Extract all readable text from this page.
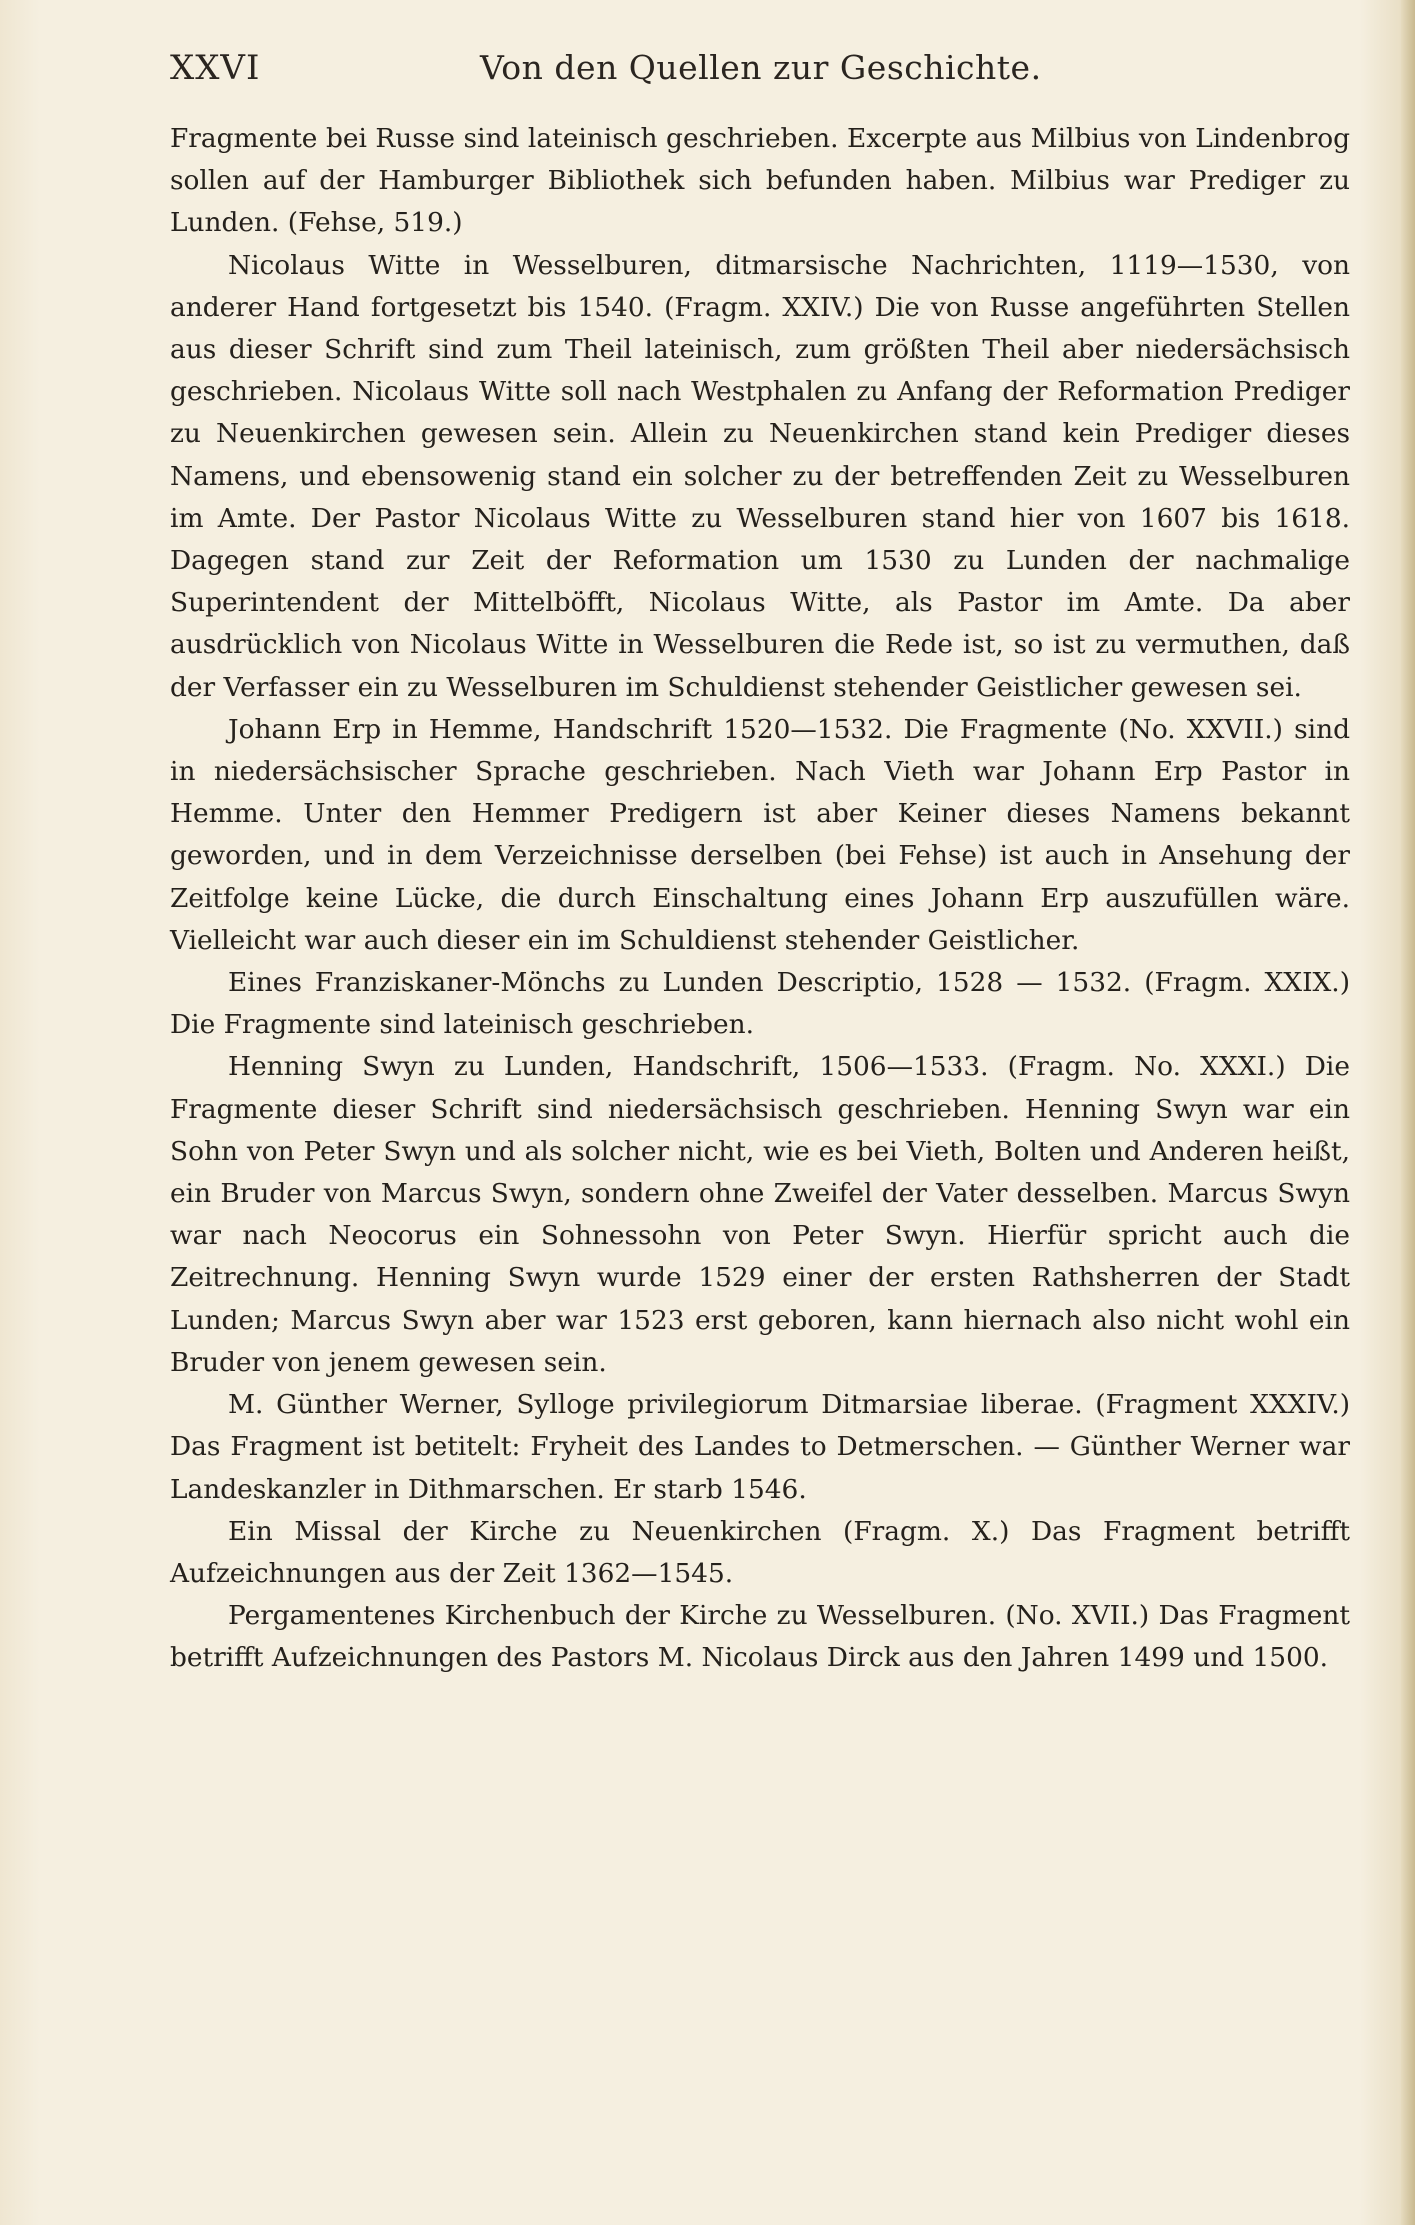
XXVI	Von den Quellen zur Geschichte.

Fragmente bei Russe sind lateinisch geschrieben. Excerpte aus Milbius von Lindenbrog sollen auf der Hamburger Bibliothek sich befunden haben. Milbius war Prediger zu Lunden. (Fehse, 519.)

Nicolaus Witte in Wesselburen, ditmarsische Nachrichten, 1119—1530, von anderer Hand fortgesetzt bis 1540. (Fragm. XXIV.) Die von Russe angeführten Stellen aus dieser Schrift sind zum Theil lateinisch, zum größten Theil aber niedersächsisch geschrieben. Nicolaus Witte soll nach Westphalen zu Anfang der Reformation Prediger zu Neuenkirchen gewesen sein. Allein zu Neuenkirchen stand kein Prediger dieses Namens, und ebensowenig stand ein solcher zu der betreffenden Zeit zu Wesselburen im Amte. Der Pastor Nicolaus Witte zu Wesselburen stand hier von 1607 bis 1618. Dagegen stand zur Zeit der Reformation um 1530 zu Lunden der nachmalige Superintendent der Mittelböfft, Nicolaus Witte, als Pastor im Amte. Da aber ausdrücklich von Nicolaus Witte in Wesselburen die Rede ist, so ist zu vermuthen, daß der Verfasser ein zu Wesselburen im Schuldienst stehender Geistlicher gewesen sei.

Johann Erp in Hemme, Handschrift 1520—1532. Die Fragmente (No. XXVII.) sind in niedersächsischer Sprache geschrieben. Nach Vieth war Johann Erp Pastor in Hemme. Unter den Hemmer Predigern ist aber Keiner dieses Namens bekannt geworden, und in dem Verzeichnisse derselben (bei Fehse) ist auch in Ansehung der Zeitfolge keine Lücke, die durch Einschaltung eines Johann Erp auszufüllen wäre. Vielleicht war auch dieser ein im Schuldienst stehender Geistlicher.

Eines Franziskaner-Mönchs zu Lunden Descriptio, 1528 — 1532. (Fragm. XXIX.) Die Fragmente sind lateinisch geschrieben.

Henning Swyn zu Lunden, Handschrift, 1506—1533. (Fragm. No. XXXI.) Die Fragmente dieser Schrift sind niedersächsisch geschrieben. Henning Swyn war ein Sohn von Peter Swyn und als solcher nicht, wie es bei Vieth, Bolten und Anderen heißt, ein Bruder von Marcus Swyn, sondern ohne Zweifel der Vater desselben. Marcus Swyn war nach Neocorus ein Sohnessohn von Peter Swyn. Hierfür spricht auch die Zeitrechnung. Henning Swyn wurde 1529 einer der ersten Rathsherren der Stadt Lunden; Marcus Swyn aber war 1523 erst geboren, kann hiernach also nicht wohl ein Bruder von jenem gewesen sein.

M. Günther Werner, Sylloge privilegiorum Ditmarsiae liberae. (Fragment XXXIV.) Das Fragment ist betitelt: Fryheit des Landes to Detmerschen. — Günther Werner war Landeskanzler in Dithmarschen. Er starb 1546.

Ein Missal der Kirche zu Neuenkirchen (Fragm. X.) Das Fragment betrifft Aufzeichnungen aus der Zeit 1362—1545.

Pergamentenes Kirchenbuch der Kirche zu Wesselburen. (No. XVII.) Das Fragment betrifft Aufzeichnungen des Pastors M. Nicolaus Dirck aus den Jahren 1499 und 1500.
